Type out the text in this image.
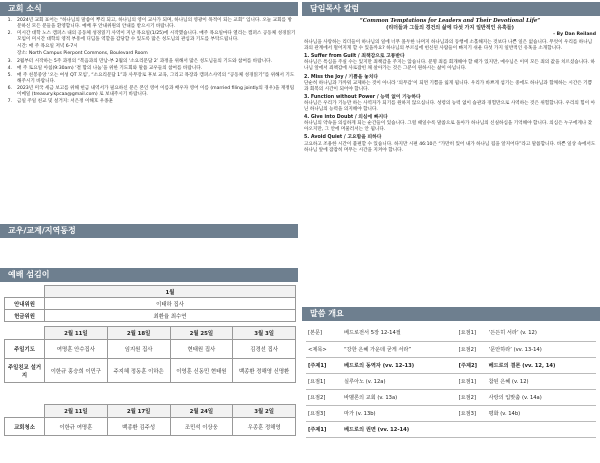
교회 소식
1.	2024년 교회 표어는 “하나님의 말씀이 뿌리 되고, 하나님의 영이 교사가 되며, 하나님의 영광이 목적이 되는 교회” 입니다. 오늘 교회를 방문하신 모든 분들을 환영합니다. 예배 후 안내위원의 안내를 받으시기 바랍니다.
2.	미시간 대학 노스 캠퍼스 내의 공동체 성경읽기 사역이 지난 목요일(1/25)에 시작했습니다. 매주 목요일마다 열리는 캠퍼스 공동체 성경읽기 모임이 미시간 대학의 영적 부흥에 디딤돌 역할을 감당할 수 있도록 많은 성도님의 관심과 기도를 부탁드립니다.
시간: 매 주 목요일 저녁 6-7시
장소: North Campus Pierpont Commons, Boulevard Room
3.	2월부터 시작하는 5주 과정의 “복음과의 만남-부 2월의 ‘소요리문답 2’ 과정을 위해서 많은 성도님들의 기도와 참여를 바랍니다.
4.	매 주 토요일 아침(9:30am) ‘결 함의 나눔’을 위한 기도회와 말씀 교우들의 참여를 바랍니다.
5.	매 주 친봉중앙 ‘오는 여성 QT 모임’, “소요리문답 1”과 사무장로 후보 교육, 그리고 목장과 캠퍼스사역의 “공동체 성경읽기”를 위해서 기도해주시기 바랍니다.
6.	2023년 미국 세금 보고를 위해 헌금 내역서가 필요하신 분은 본인 영어 이름과 배우자 영어 이름 (married filing jointly의 경우)을 재정팀 이메일 (treasury.kpcaa@gmail.com) 로 보내주시기 바랍니다.
7.	금일 주일 친교 및 설거지: 서은정 이해호 우종훈
교우/교계/지역동정
예배 섬김이
	1월
안내위원	이태하 집사
헌금위원	최환율 최수연
	2월 11일	2월 18일	2월 25일	3월 3일
주일기도	여명훈 안수집사	임지원 집사	현태원 집사	김경선 집사
주일친교 설거지	이한규 홍승희 이민구	주지혜 정동훈 이하은	이영훈 신동민 현태원	백종환 정해영 신명환
	2월 11일	2월 17일	2월 24일	3월 2일
교회청소	이한규 여명훈	백종환 김주성	조민석 이상웅	우종훈 정해영
담임목사 칼럼
“Common Temptations for Leaders and Their Devotional Life”
(리더들과 그들의 경건의 삶에 다섯 가지 일반적인 유혹들)
- By Dan Reiland
하나님을 사랑하는 리더들이 하나님의 일에 너무 몰두한 나머지 하나님과의 동행에 소홀해지는 것보다 나쁜 일은 없습니다. 무엇이 우리를 하나님과의 관계에서 멀어지게 할 수 있을까요? 하나님의 부르심에 헌신된 사람들이 빠지기 쉬운 다섯 가지 일반적인 유혹을 소개합니다.
1. Suffer from Guilt / 죄책감으로 고통받다
하나님은 특심을 주실 수는 있지만 죄책감을 주지는 않습니다. 분명 죄를 회개해야 할 때가 있지만, 예수님은 이미 모든 죄의 값을 치르셨습니다. 하나님 앞에서 죄책감에 사로잡힌 채 살아가는 것은 그분이 원하시는 삶이 아닙니다.
2. Miss the Joy / 기쁨을 놓치다
단순히 하나님과 가까워 교제하는 것이 아니라 ‘의무감’이 되면 기쁨을 잃게 됩니다. 우리가 바쁘게 섬기는 중에도 하나님과 함께하는 시간은 기쁨과 회복의 시간이 되어야 합니다.
3. Function without Power / 능력 없이 기능하다
하나님은 우리가 기능만 하는 사역자가 되기를 원하지 않으십니다. 성령의 능력 없이 습관과 경험만으로 사역하는 것은 위험합니다. 우리의 힘이 아닌 하나님의 능력을 의지해야 합니다.
4. Give into Doubt / 의심에 빠지다
하나님의 약속을 의심하게 되는 순간들이 있습니다. 그럴 때일수록 말씀으로 돌아가 하나님의 신실하심을 기억해야 합니다. 의심은 누구에게나 찾아오지만, 그 안에 머물러서는 안 됩니다.
5. Avoid Quiet / 고요함을 피하다
고요하고 조용한 시간이 불편할 수 있습니다. 하지만 시편 46:10은 “가만히 있어 내가 하나님 됨을 알지어다”라고 말씀합니다. 바쁜 일상 속에서도 하나님 앞에 잠잠히 머무는 시간을 지켜야 합니다.
말씀 개요
[본문]	베드로전서 5장 12-14절	[요점1]	‘든든히 서라’ (v. 12)
<제목>	“강한 은혜 가운데 굳게 서라”	[요점2]	‘문안하라’ (vv. 13-14)
[주제1]	베드로의 동역자 (vv. 12-13)	[주제2]	베드로의 결론 (vv. 12, 14)
[요점1]	실루아노 (v. 12a)	[요점1]	참된 은혜 (v. 12)
[요점2]	바벨론의 교회 (v. 13a)	[요점2]	사랑의 입맞춤 (v. 14a)
[요점3]	마가 (v. 13b)	[요점3]	평화 (v. 14b)
[주제1]	베드로의 권면 (vv. 12-14)		
